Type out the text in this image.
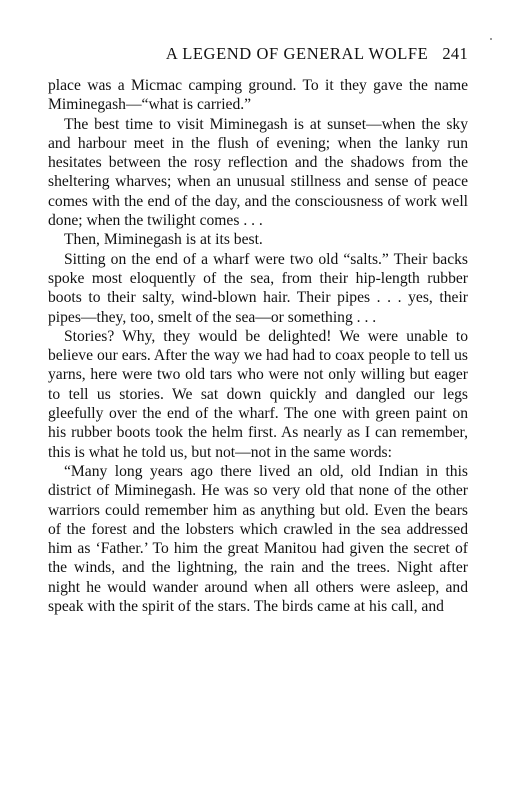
A LEGEND OF GENERAL WOLFE 241

place was a Micmac camping ground. To it they gave the name Miminegash—“what is carried.”

The best time to visit Miminegash is at sunset—when the sky and harbour meet in the flush of evening; when the lanky run hesitates between the rosy reflection and the shadows from the sheltering wharves; when an unusual stillness and sense of peace comes with the end of the day, and the consciousness of work well done; when the twilight comes . . .

Then, Miminegash is at its best.

Sitting on the end of a wharf were two old “salts.” Their backs spoke most eloquently of the sea, from their hip-length rubber boots to their salty, wind-blown hair. Their pipes . . . yes, their pipes—they, too, smelt of the sea—or something . . .

Stories? Why, they would be delighted! We were unable to believe our ears. After the way we had had to coax people to tell us yarns, here were two old tars who were not only willing but eager to tell us stories. We sat down quickly and dangled our legs gleefully over the end of the wharf. The one with green paint on his rubber boots took the helm first. As nearly as I can remember, this is what he told us, but not—not in the same words:

“Many long years ago there lived an old, old Indian in this district of Miminegash. He was so very old that none of the other warriors could remember him as anything but old. Even the bears of the forest and the lobsters which crawled in the sea addressed him as ‘Father.’ To him the great Manitou had given the secret of the winds, and the lightning, the rain and the trees. Night after night he would wander around when all others were asleep, and speak with the spirit of the stars. The birds came at his call, and
